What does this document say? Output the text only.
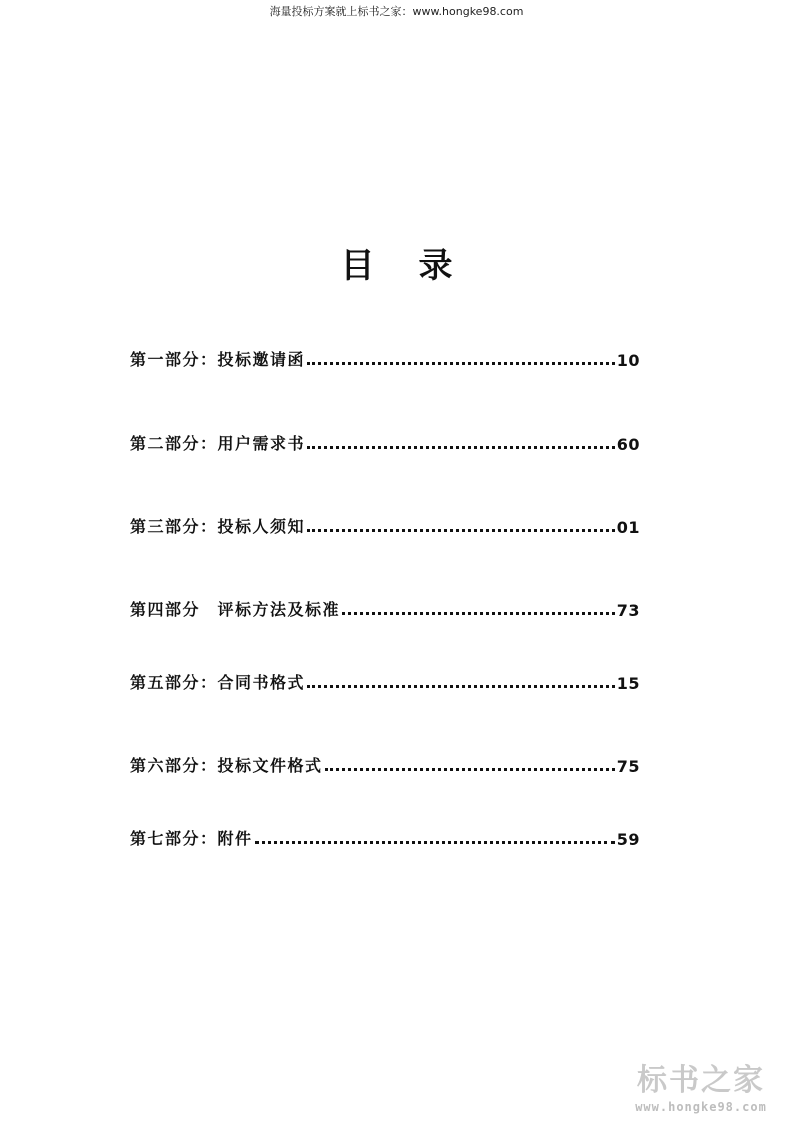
海量投标方案就上标书之家：www.hongke98.com
目录
第一部分：投标邀请函	10
第二部分：用户需求书	60
第三部分：投标人须知	01
第四部分　评标方法及标准	73
第五部分：合同书格式	15
第六部分：投标文件格式	75
第七部分：附件	59
标书之家
www.hongke98.com
